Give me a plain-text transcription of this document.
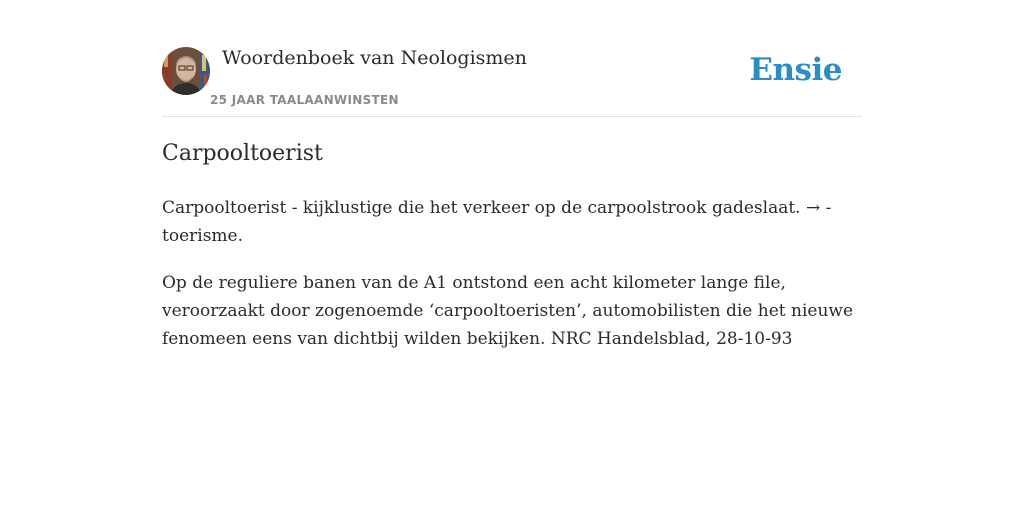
Woordenboek van Neologismen
25 JAAR TAALAANWINSTEN
Ensie
Carpooltoerist

Carpooltoerist - kijklustige die het verkeer op de carpoolstrook gadeslaat. → -toerisme.

Op de reguliere banen van de A1 ontstond een acht kilometer lange file, veroorzaakt door zogenoemde ‘carpooltoeristen’, automobilisten die het nieuwe fenomeen eens van dichtbij wilden bekijken. NRC Handelsblad, 28-10-93
